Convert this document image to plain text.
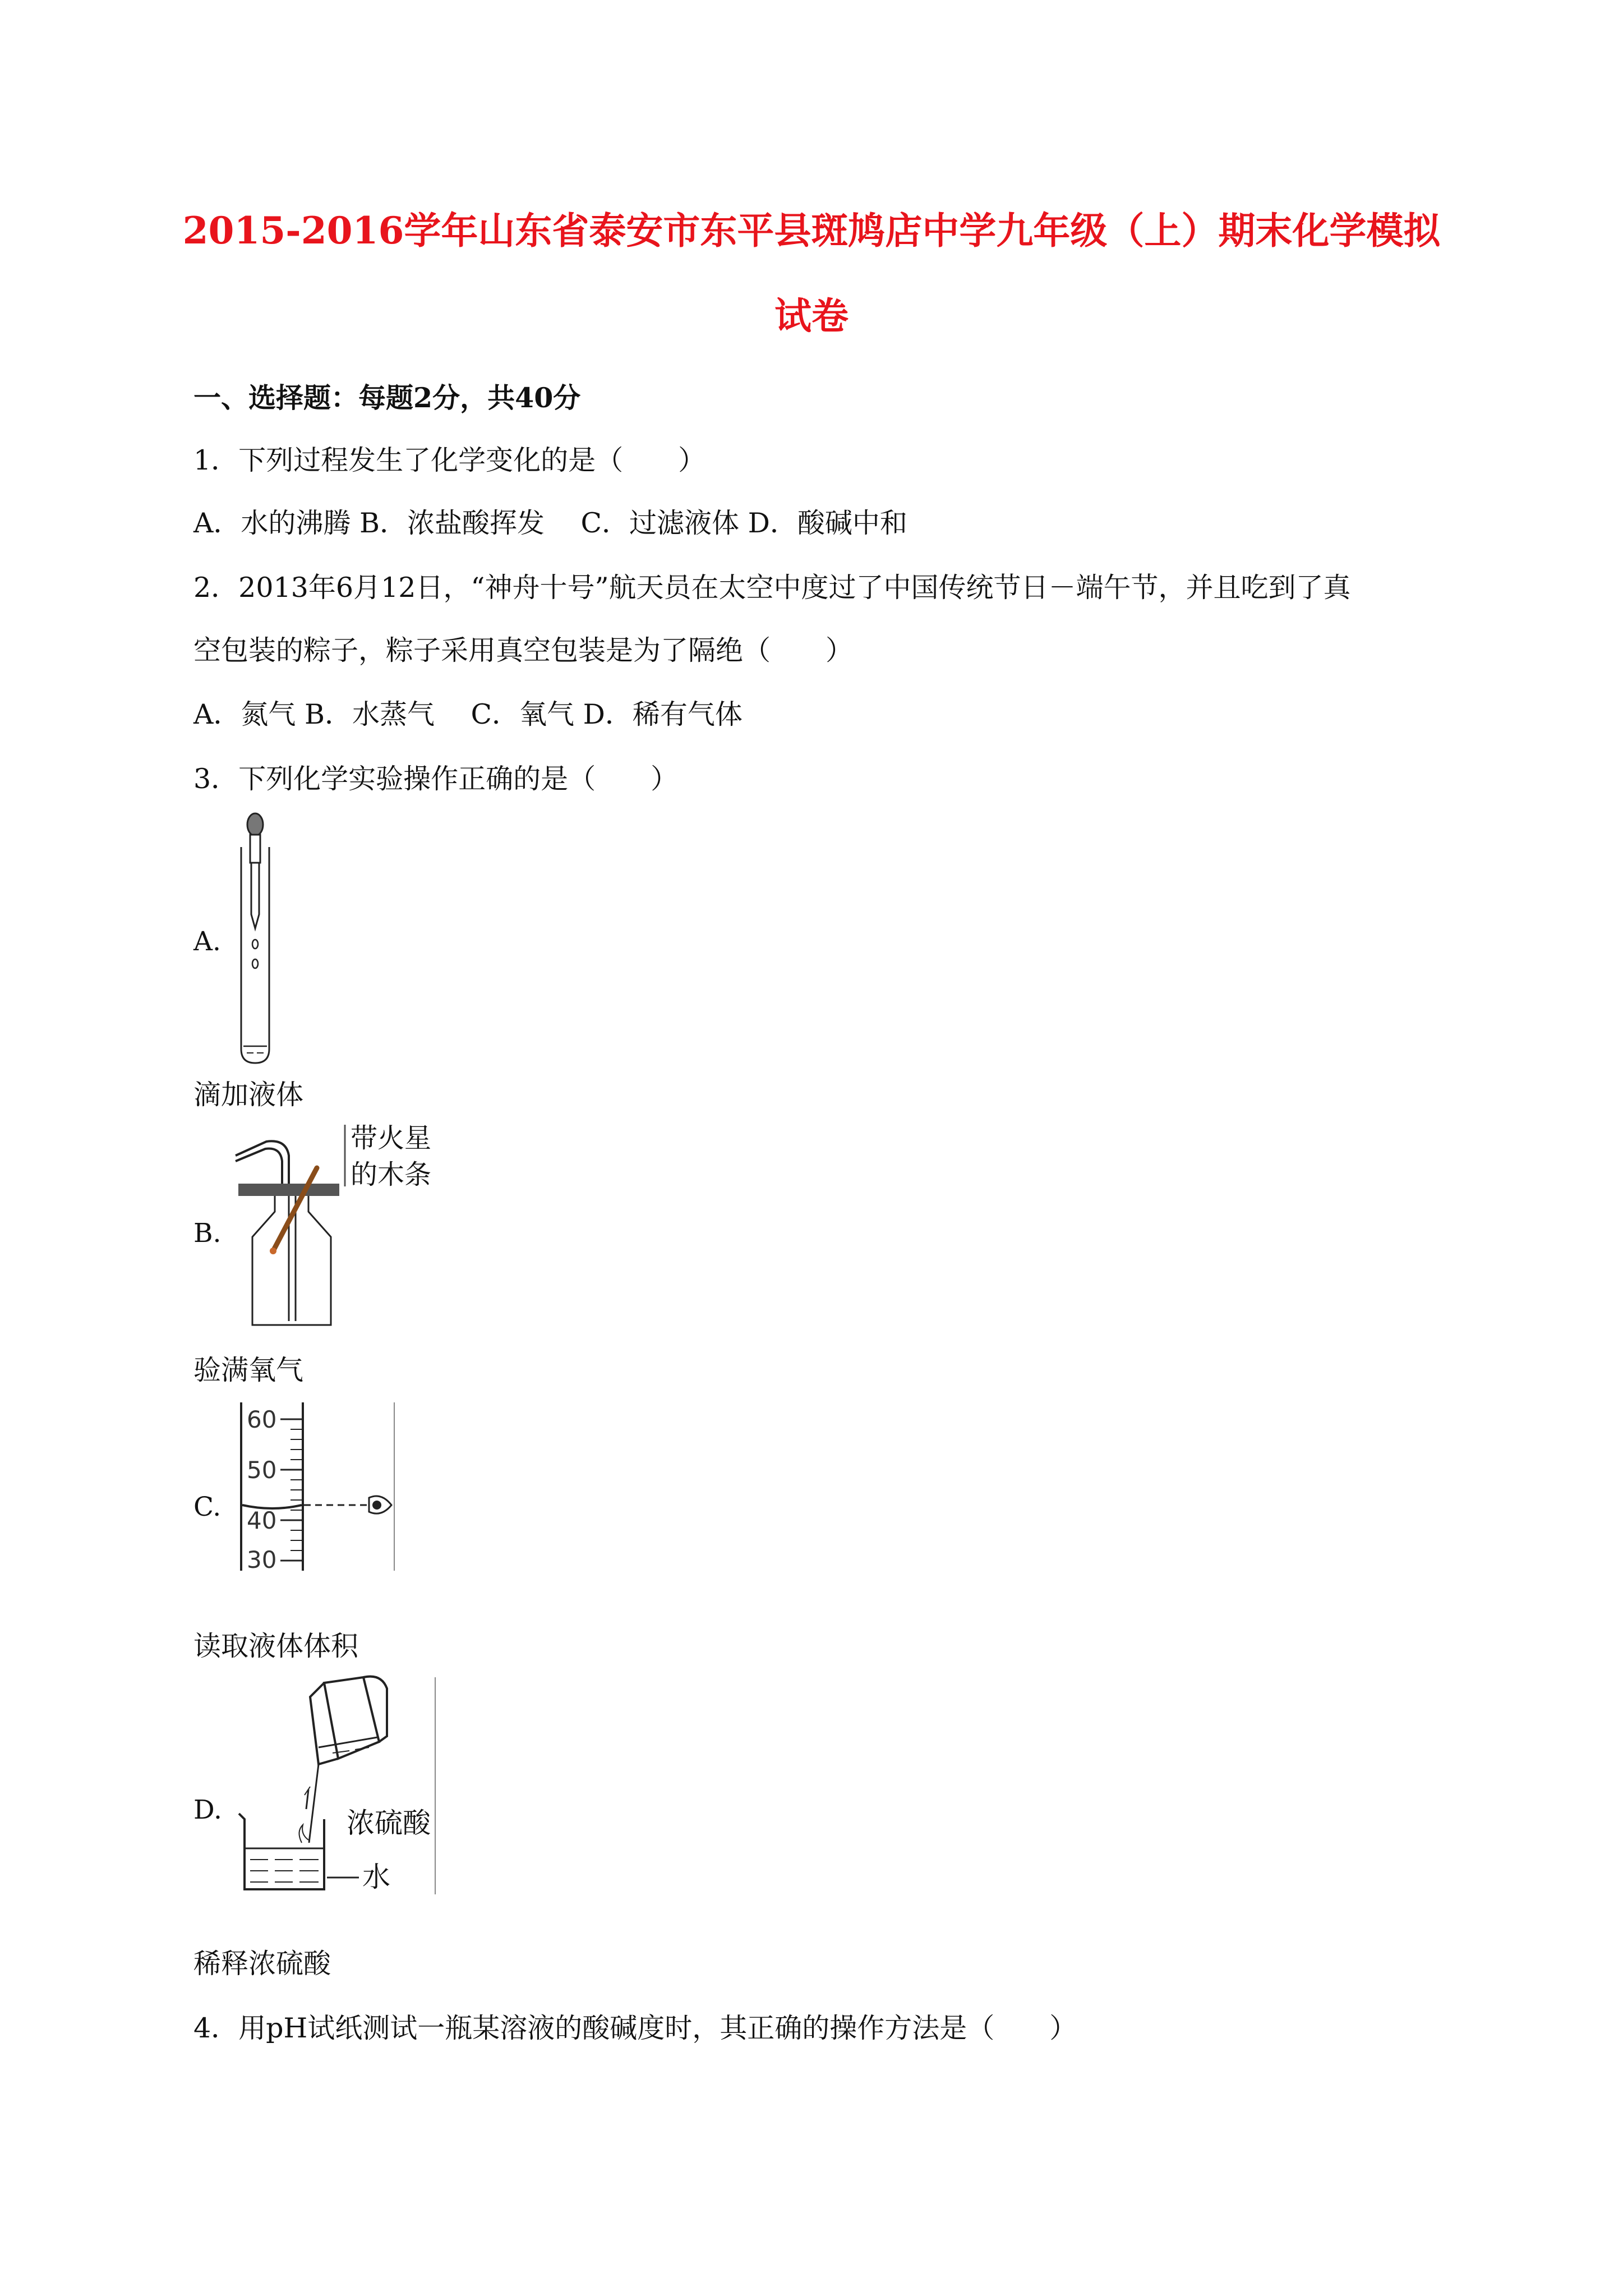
2015-2016学年山东省泰安市东平县斑鸠店中学九年级（上）期末化学模拟
试卷
一、选择题：每题2分，共40分
1．下列过程发生了化学变化的是（　　）
A．水的沸腾 B．浓盐酸挥发　 C．过滤液体 D．酸碱中和
2．2013年6月12日，“神舟十号”航天员在太空中度过了中国传统节日－端午节，并且吃到了真
空包装的粽子，粽子采用真空包装是为了隔绝（　　）
A．氮气 B．水蒸气　 C．氧气 D．稀有气体
3．下列化学实验操作正确的是（　　）
A.
滴加液体
B.
带火星
的木条
验满氧气
C.
60
50
40
30
读取液体体积
D.	浓硫酸
水
稀释浓硫酸
4．用pH试纸测试一瓶某溶液的酸碱度时，其正确的操作方法是（　　）
